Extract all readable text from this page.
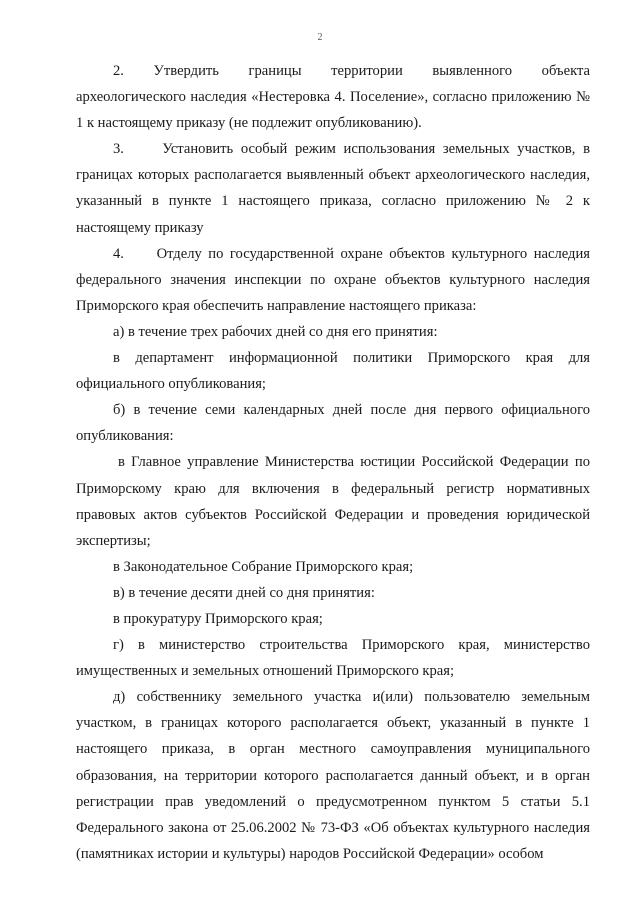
2

2.      Утвердить      границы      территории      выявленного      объекта археологического наследия «Нестеровка 4. Поселение», согласно приложению № 1 к настоящему приказу (не подлежит опубликованию).

3.     Установить особый режим использования земельных участков, в границах которых располагается выявленный объект археологического наследия, указанный в пункте 1 настоящего приказа, согласно приложению № 2 к настоящему приказу

4.     Отделу по государственной охране объектов культурного наследия федерального значения инспекции по охране объектов культурного наследия Приморского края обеспечить направление настоящего приказа:

а) в течение трех рабочих дней со дня его принятия:

в департамент информационной политики Приморского края для официального опубликования;

б) в течение семи календарных дней после дня первого официального опубликования:

в Главное управление Министерства юстиции Российской Федерации по Приморскому краю для включения в федеральный регистр нормативных правовых актов субъектов Российской Федерации и проведения юридической экспертизы;

в Законодательное Собрание Приморского края;

в) в течение десяти дней со дня принятия:

в прокуратуру Приморского края;

г) в министерство строительства Приморского края, министерство имущественных и земельных отношений Приморского края;

д) собственнику земельного участка и(или) пользователю земельным участком, в границах которого располагается объект, указанный в пункте 1 настоящего приказа, в орган местного самоуправления муниципального образования, на территории которого располагается данный объект, и в орган регистрации прав уведомлений о предусмотренном пунктом 5 статьи 5.1 Федерального закона от 25.06.2002 № 73-ФЗ «Об объектах культурного наследия (памятниках истории и культуры) народов Российской Федерации» особом
